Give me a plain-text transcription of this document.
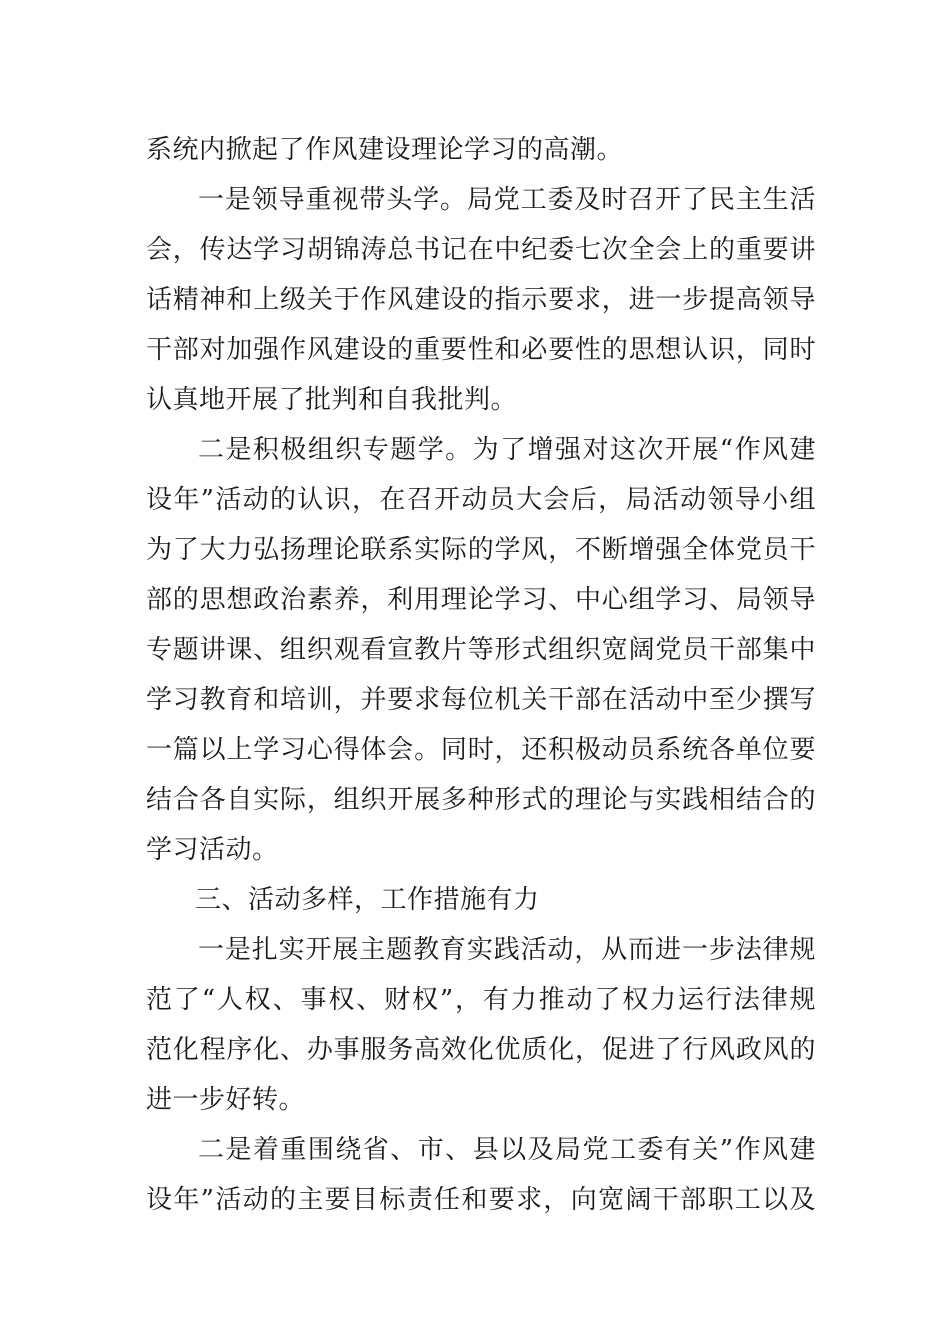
系统内掀起了作风建设理论学习的高潮。
一是领导重视带头学。局党工委及时召开了民主生活
会，传达学习胡锦涛总书记在中纪委七次全会上的重要讲
话精神和上级关于作风建设的指示要求，进一步提高领导
干部对加强作风建设的重要性和必要性的思想认识，同时
认真地开展了批判和自我批判。
二是积极组织专题学。为了增强对这次开展“作风建
设年”活动的认识，在召开动员大会后，局活动领导小组
为了大力弘扬理论联系实际的学风，不断增强全体党员干
部的思想政治素养，利用理论学习、中心组学习、局领导
专题讲课、组织观看宣教片等形式组织宽阔党员干部集中
学习教育和培训，并要求每位机关干部在活动中至少撰写
一篇以上学习心得体会。同时，还积极动员系统各单位要
结合各自实际，组织开展多种形式的理论与实践相结合的
学习活动。
三、活动多样，工作措施有力
一是扎实开展主题教育实践活动，从而进一步法律规
范了“人权、事权、财权”，有力推动了权力运行法律规
范化程序化、办事服务高效化优质化，促进了行风政风的
进一步好转。
二是着重围绕省、市、县以及局党工委有关”作风建
设年”活动的主要目标责任和要求，向宽阔干部职工以及
